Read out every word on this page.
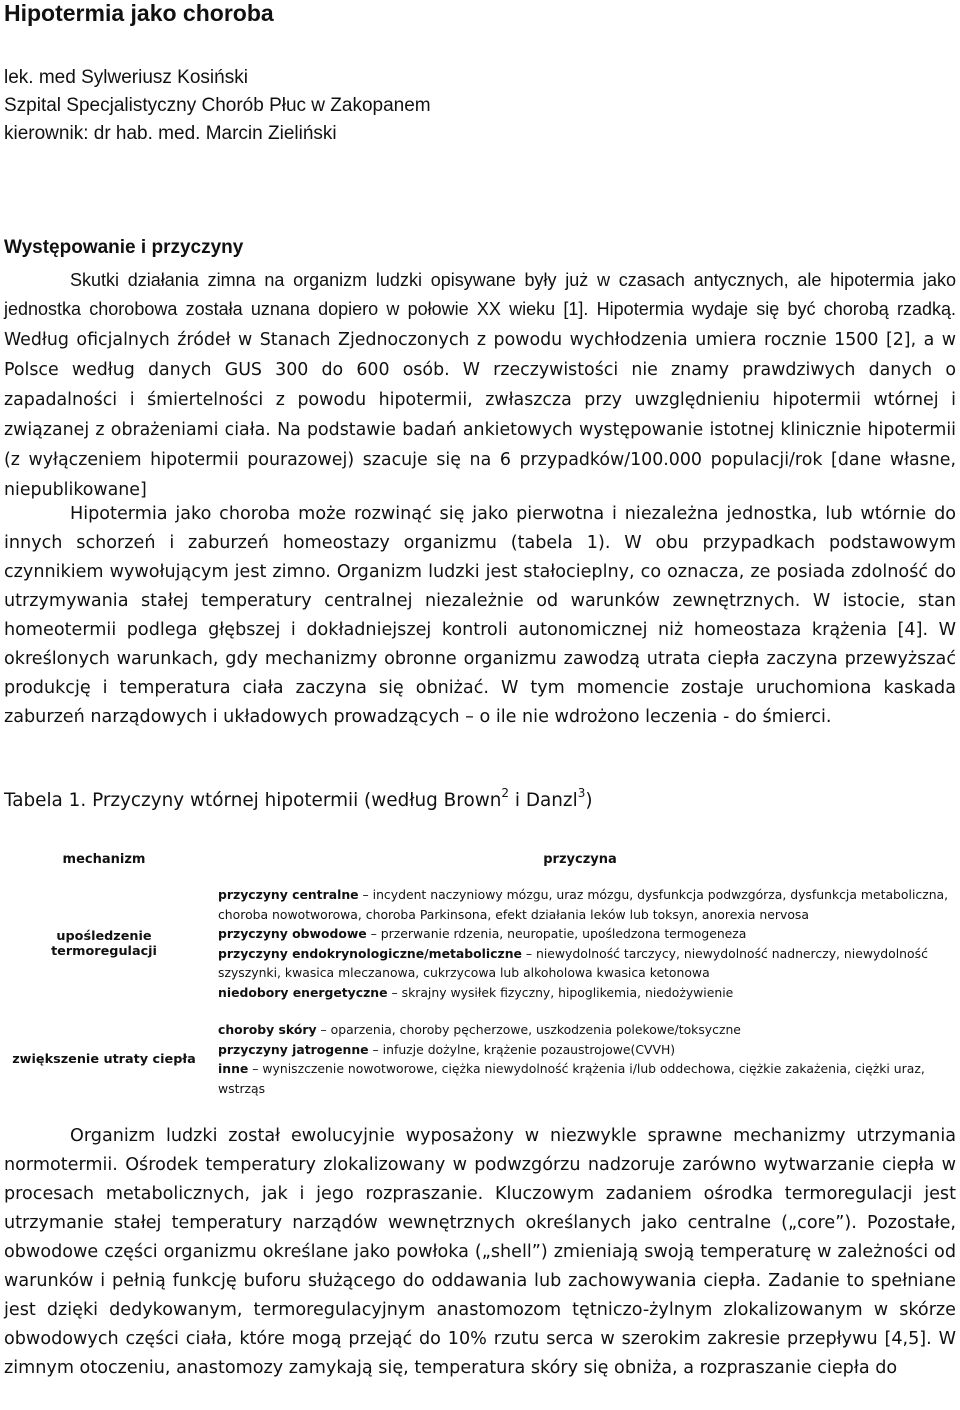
Hipotermia jako choroba
lek. med Sylweriusz Kosiński
Szpital Specjalistyczny Chorób Płuc w Zakopanem
kierownik: dr hab. med. Marcin Zieliński
Występowanie i przyczyny

Skutki działania zimna na organizm ludzki opisywane były już w czasach antycznych, ale hipotermia jako jednostka chorobowa została uznana dopiero w połowie XX wieku [1]. Hipotermia wydaje się być chorobą rzadką. Według oficjalnych źródeł w Stanach Zjednoczonych z powodu wychłodzenia umiera rocznie 1500 [2], a w Polsce według danych GUS 300 do 600 osób. W rzeczywistości nie znamy prawdziwych danych o zapadalności i śmiertelności z powodu hipotermii, zwłaszcza przy uwzględnieniu hipotermii wtórnej i związanej z obrażeniami ciała. Na podstawie badań ankietowych występowanie istotnej klinicznie hipotermii (z wyłączeniem hipotermii pourazowej) szacuje się na 6 przypadków/100.000 populacji/rok [dane własne, niepublikowane]

Hipotermia jako choroba może rozwinąć się jako pierwotna i niezależna jednostka, lub wtórnie do innych schorzeń i zaburzeń homeostazy organizmu (tabela 1). W obu przypadkach podstawowym czynnikiem wywołującym jest zimno. Organizm ludzki jest stałocieplny, co oznacza, ze posiada zdolność do utrzymywania stałej temperatury centralnej niezależnie od warunków zewnętrznych. W istocie, stan homeotermii podlega głębszej i dokładniejszej kontroli autonomicznej niż homeostaza krążenia [4]. W określonych warunkach, gdy mechanizmy obronne organizmu zawodzą utrata ciepła zaczyna przewyższać produkcję i temperatura ciała zaczyna się obniżać. W tym momencie zostaje uruchomiona kaskada zaburzeń narządowych i układowych prowadzących – o ile nie wdrożono leczenia - do śmierci.

Tabela 1. Przyczyny wtórnej hipotermii (według Brown$^2$ i Danzl$^3$)
mechanizm	przyczyna
upośledzenie termoregulacji	przyczyny centralne – incydent naczyniowy mózgu, uraz mózgu, dysfunkcja podwzgórza, dysfunkcja metaboliczna, choroba nowotworowa, choroba Parkinsona, efekt działania leków lub toksyn, anorexia nervosa
przyczyny obwodowe – przerwanie rdzenia, neuropatie, upośledzona termogeneza
przyczyny endokrynologiczne/metaboliczne – niewydolność tarczycy, niewydolność nadnerczy, niewydolność szyszynki, kwasica mleczanowa, cukrzycowa lub alkoholowa kwasica ketonowa
niedobory energetyczne – skrajny wysiłek fizyczny, hipoglikemia, niedożywienie

zwiększenie utraty ciepła	choroby skóry – oparzenia, choroby pęcherzowe, uszkodzenia polekowe/toksyczne
przyczyny jatrogenne – infuzje dożylne, krążenie pozaustrojowe(CVVH)
inne – wyniszczenie nowotworowe, ciężka niewydolność krążenia i/lub oddechowa, ciężkie zakażenia, ciężki uraz, wstrząs

Organizm ludzki został ewolucyjnie wyposażony w niezwykle sprawne mechanizmy utrzymania normotermii. Ośrodek temperatury zlokalizowany w podwzgórzu nadzoruje zarówno wytwarzanie ciepła w procesach metabolicznych, jak i jego rozpraszanie. Kluczowym zadaniem ośrodka termoregulacji jest utrzymanie stałej temperatury narządów wewnętrznych określanych jako centralne („core”). Pozostałe, obwodowe części organizmu określane jako powłoka („shell”) zmieniają swoją temperaturę w zależności od warunków i pełnią funkcję buforu służącego do oddawania lub zachowywania ciepła. Zadanie to spełniane jest dzięki dedykowanym, termoregulacyjnym anastomozom tętniczo-żylnym zlokalizowanym w skórze obwodowych części ciała, które mogą przejąć do 10% rzutu serca w szerokim zakresie przepływu [4,5]. W zimnym otoczeniu, anastomozy zamykają się, temperatura skóry się obniża, a rozpraszanie ciepła do
